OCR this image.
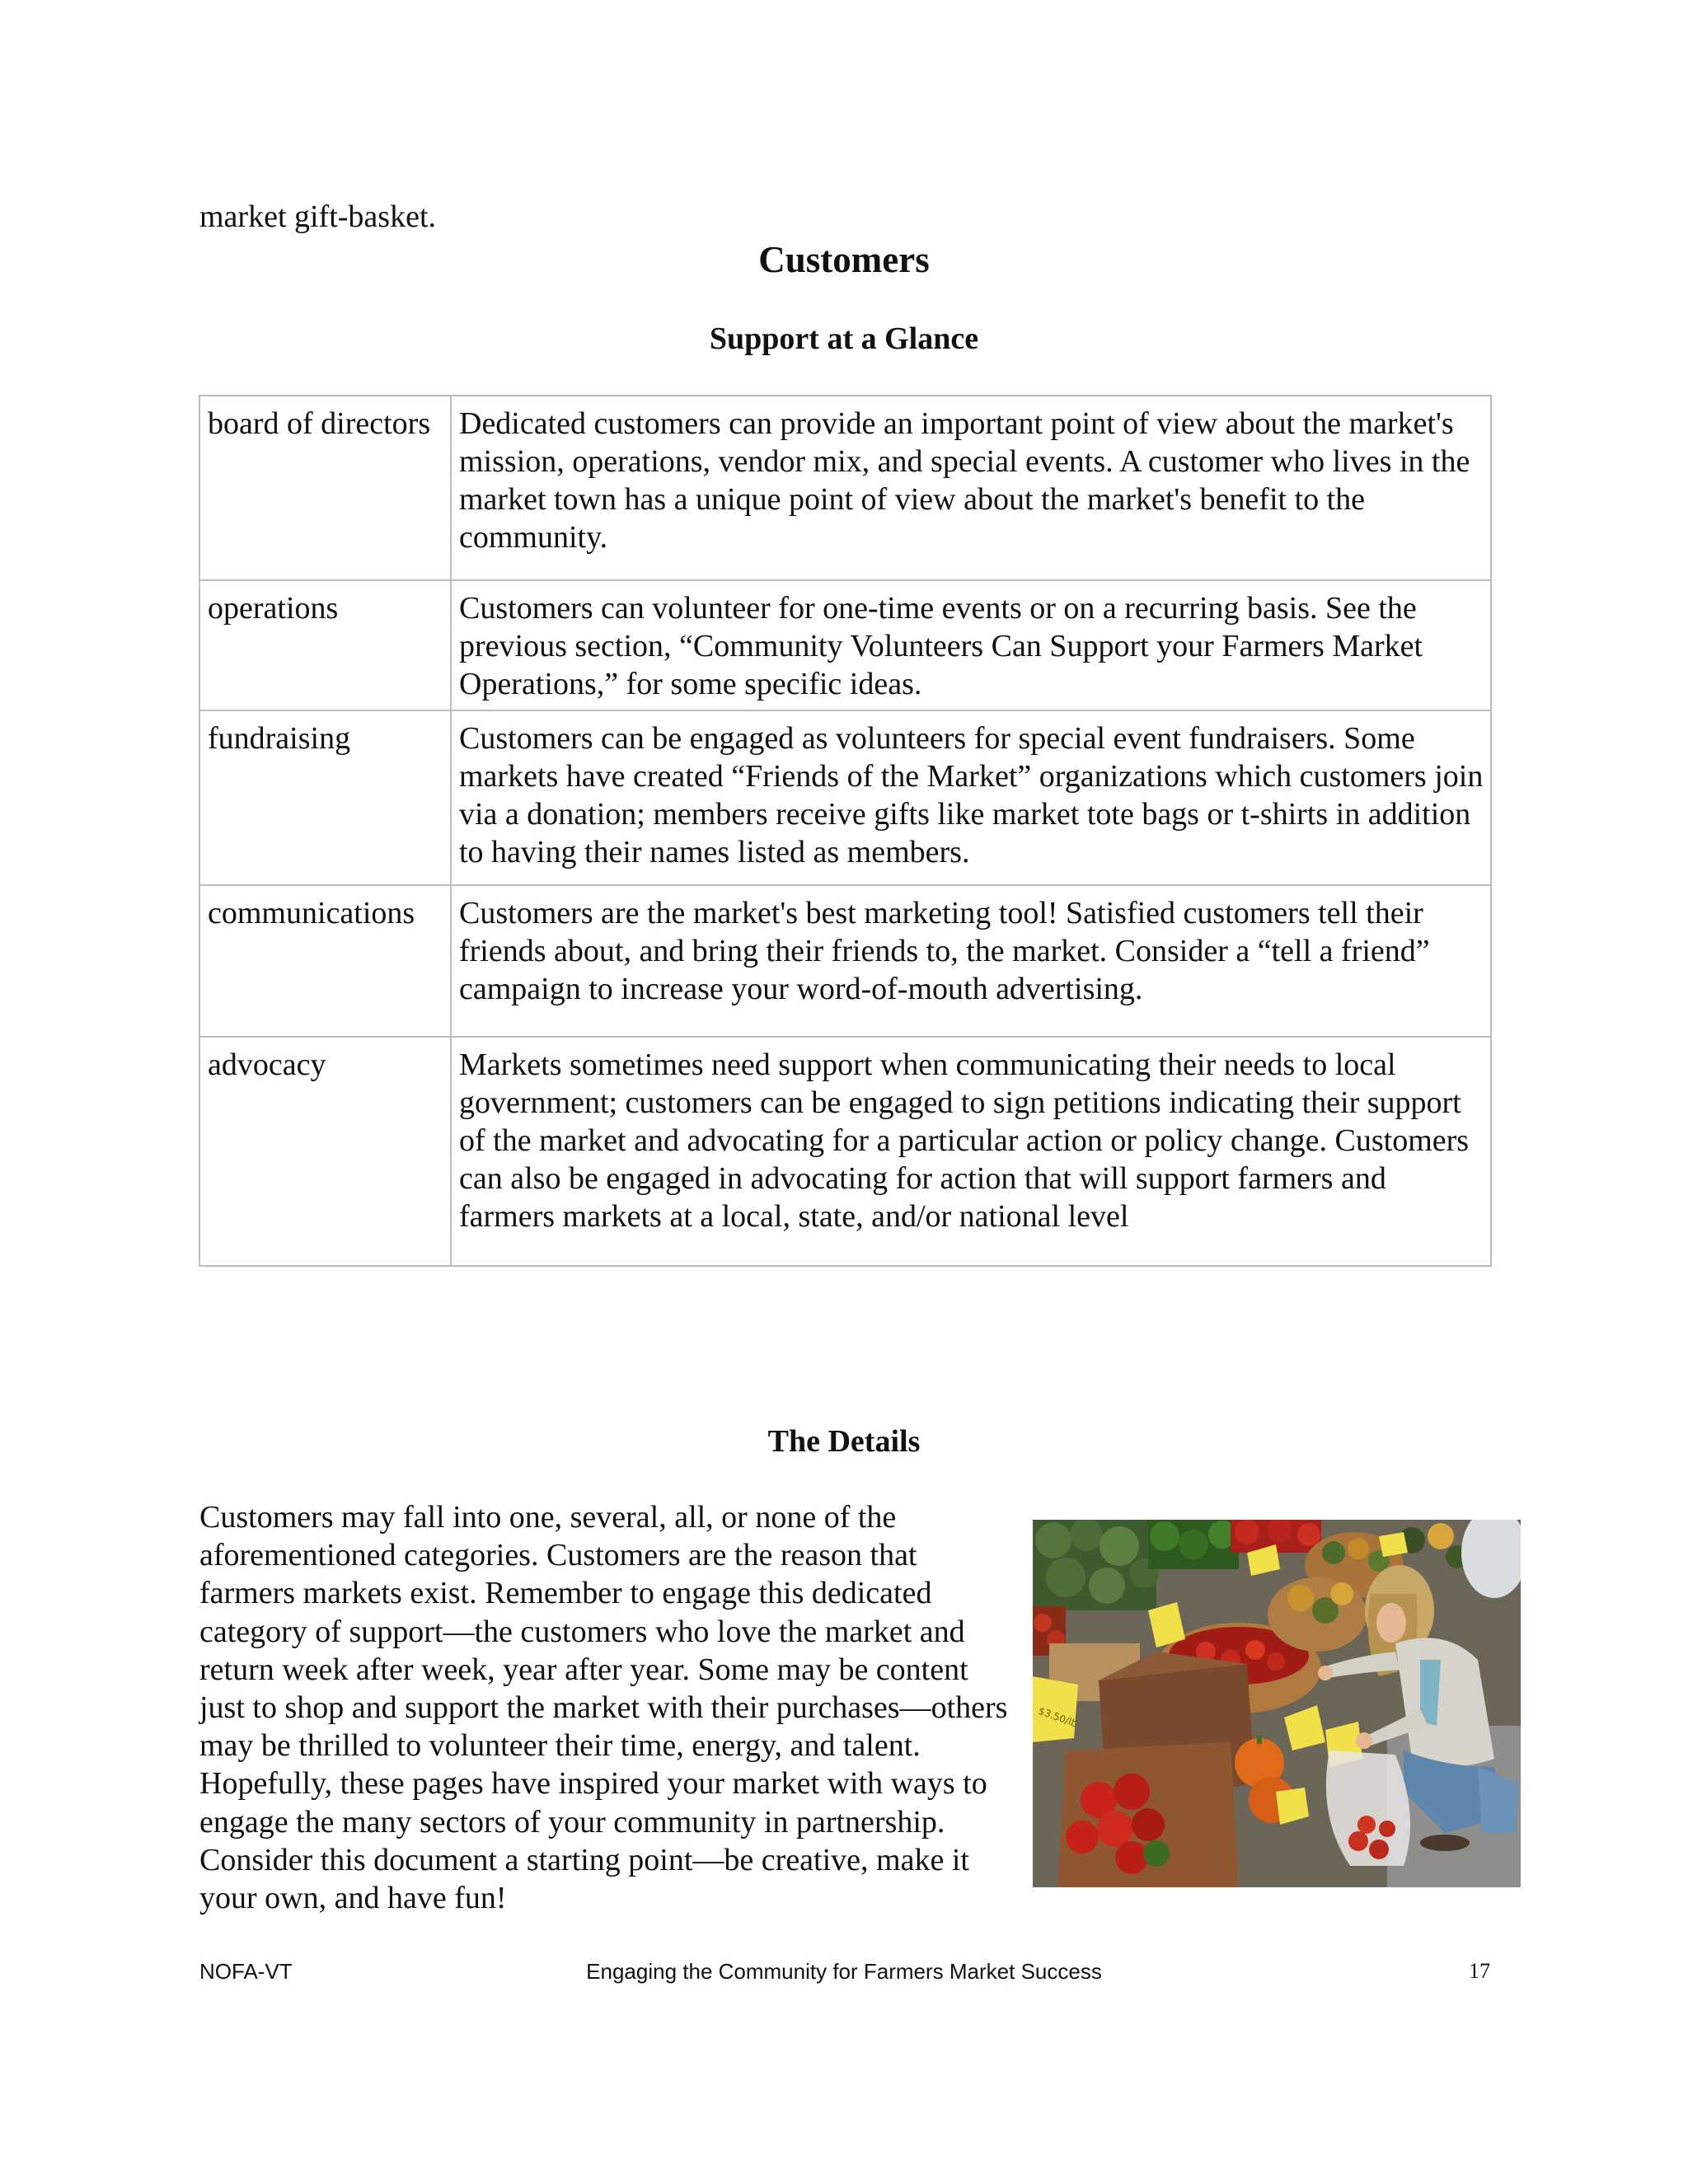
market gift-basket.
Customers
Support at a Glance
board of directors	Dedicated customers can provide an important point of view about the market's mission, operations, vendor mix, and special events. A customer who lives in the market town has a unique point of view about the market's benefit to the community.
operations	Customers can volunteer for one-time events or on a recurring basis. See the previous section, “Community Volunteers Can Support your Farmers Market Operations,” for some specific ideas.
fundraising	Customers can be engaged as volunteers for special event fundraisers. Some markets have created “Friends of the Market” organizations which customers join via a donation; members receive gifts like market tote bags or t-shirts in addition to having their names listed as members.
communications	Customers are the market's best marketing tool! Satisfied customers tell their friends about, and bring their friends to, the market. Consider a “tell a friend” campaign to increase your word-of-mouth advertising.
advocacy	Markets sometimes need support when communicating their needs to local government; customers can be engaged to sign petitions indicating their support of the market and advocating for a particular action or policy change. Customers can also be engaged in advocating for action that will support farmers and farmers markets at a local, state, and/or national level
The Details
Customers may fall into one, several, all, or none of the aforementioned categories. Customers are the reason that farmers markets exist. Remember to engage this dedicated category of support—the customers who love the market and return week after week, year after year. Some may be content just to shop and support the market with their purchases—others may be thrilled to volunteer their time, energy, and talent. Hopefully, these pages have inspired your market with ways to engage the many sectors of your community in partnership. Consider this document a starting point—be creative, make it your own, and have fun!
$3.50/lb
NOFA-VT	Engaging the Community for Farmers Market Success	17
